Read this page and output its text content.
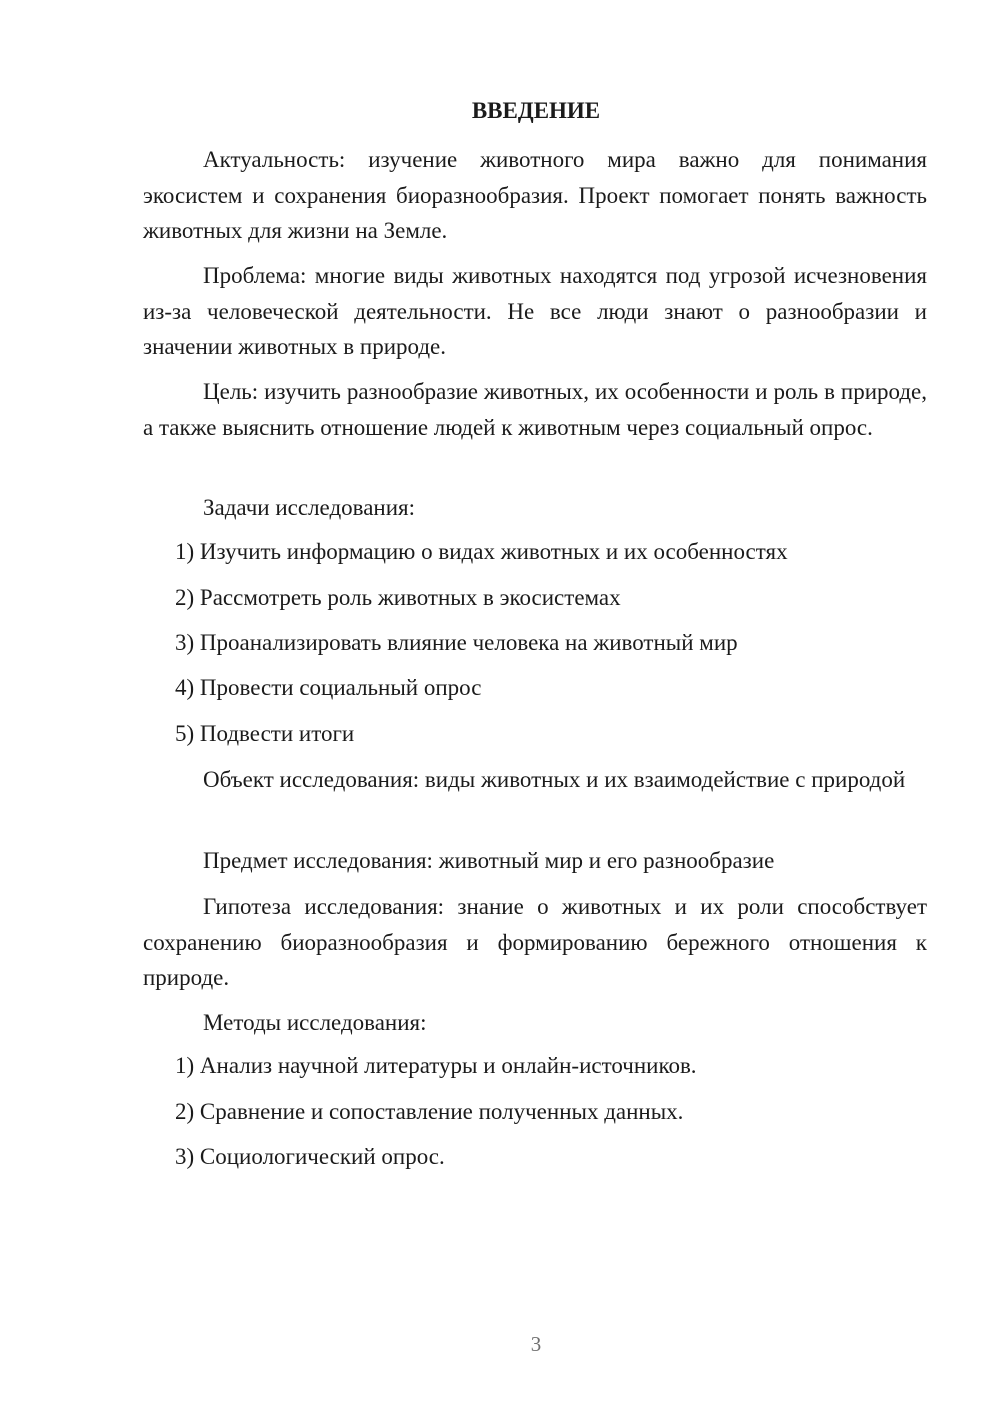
ВВЕДЕНИЕ

Актуальность: изучение животного мира важно для понимания экосистем и сохранения биоразнообразия. Проект помогает понять важность животных для жизни на Земле.

Проблема: многие виды животных находятся под угрозой исчезновения из-за человеческой деятельности. Не все люди знают о разнообразии и значении животных в природе.

Цель: изучить разнообразие животных, их особенности и роль в природе, а также выяснить отношение людей к животным через социальный опрос.

Задачи исследования:

1) Изучить информацию о видах животных и их особенностях

2) Рассмотреть роль животных в экосистемах

3) Проанализировать влияние человека на животный мир

4) Провести социальный опрос

5) Подвести итоги

Объект исследования: виды животных и их взаимодействие с природой

Предмет исследования: животный мир и его разнообразие

Гипотеза исследования: знание о животных и их роли способствует сохранению биоразнообразия и формированию бережного отношения к природе.

Методы исследования:

1) Анализ научной литературы и онлайн-источников.

2) Сравнение и сопоставление полученных данных.

3) Социологический опрос.

3
